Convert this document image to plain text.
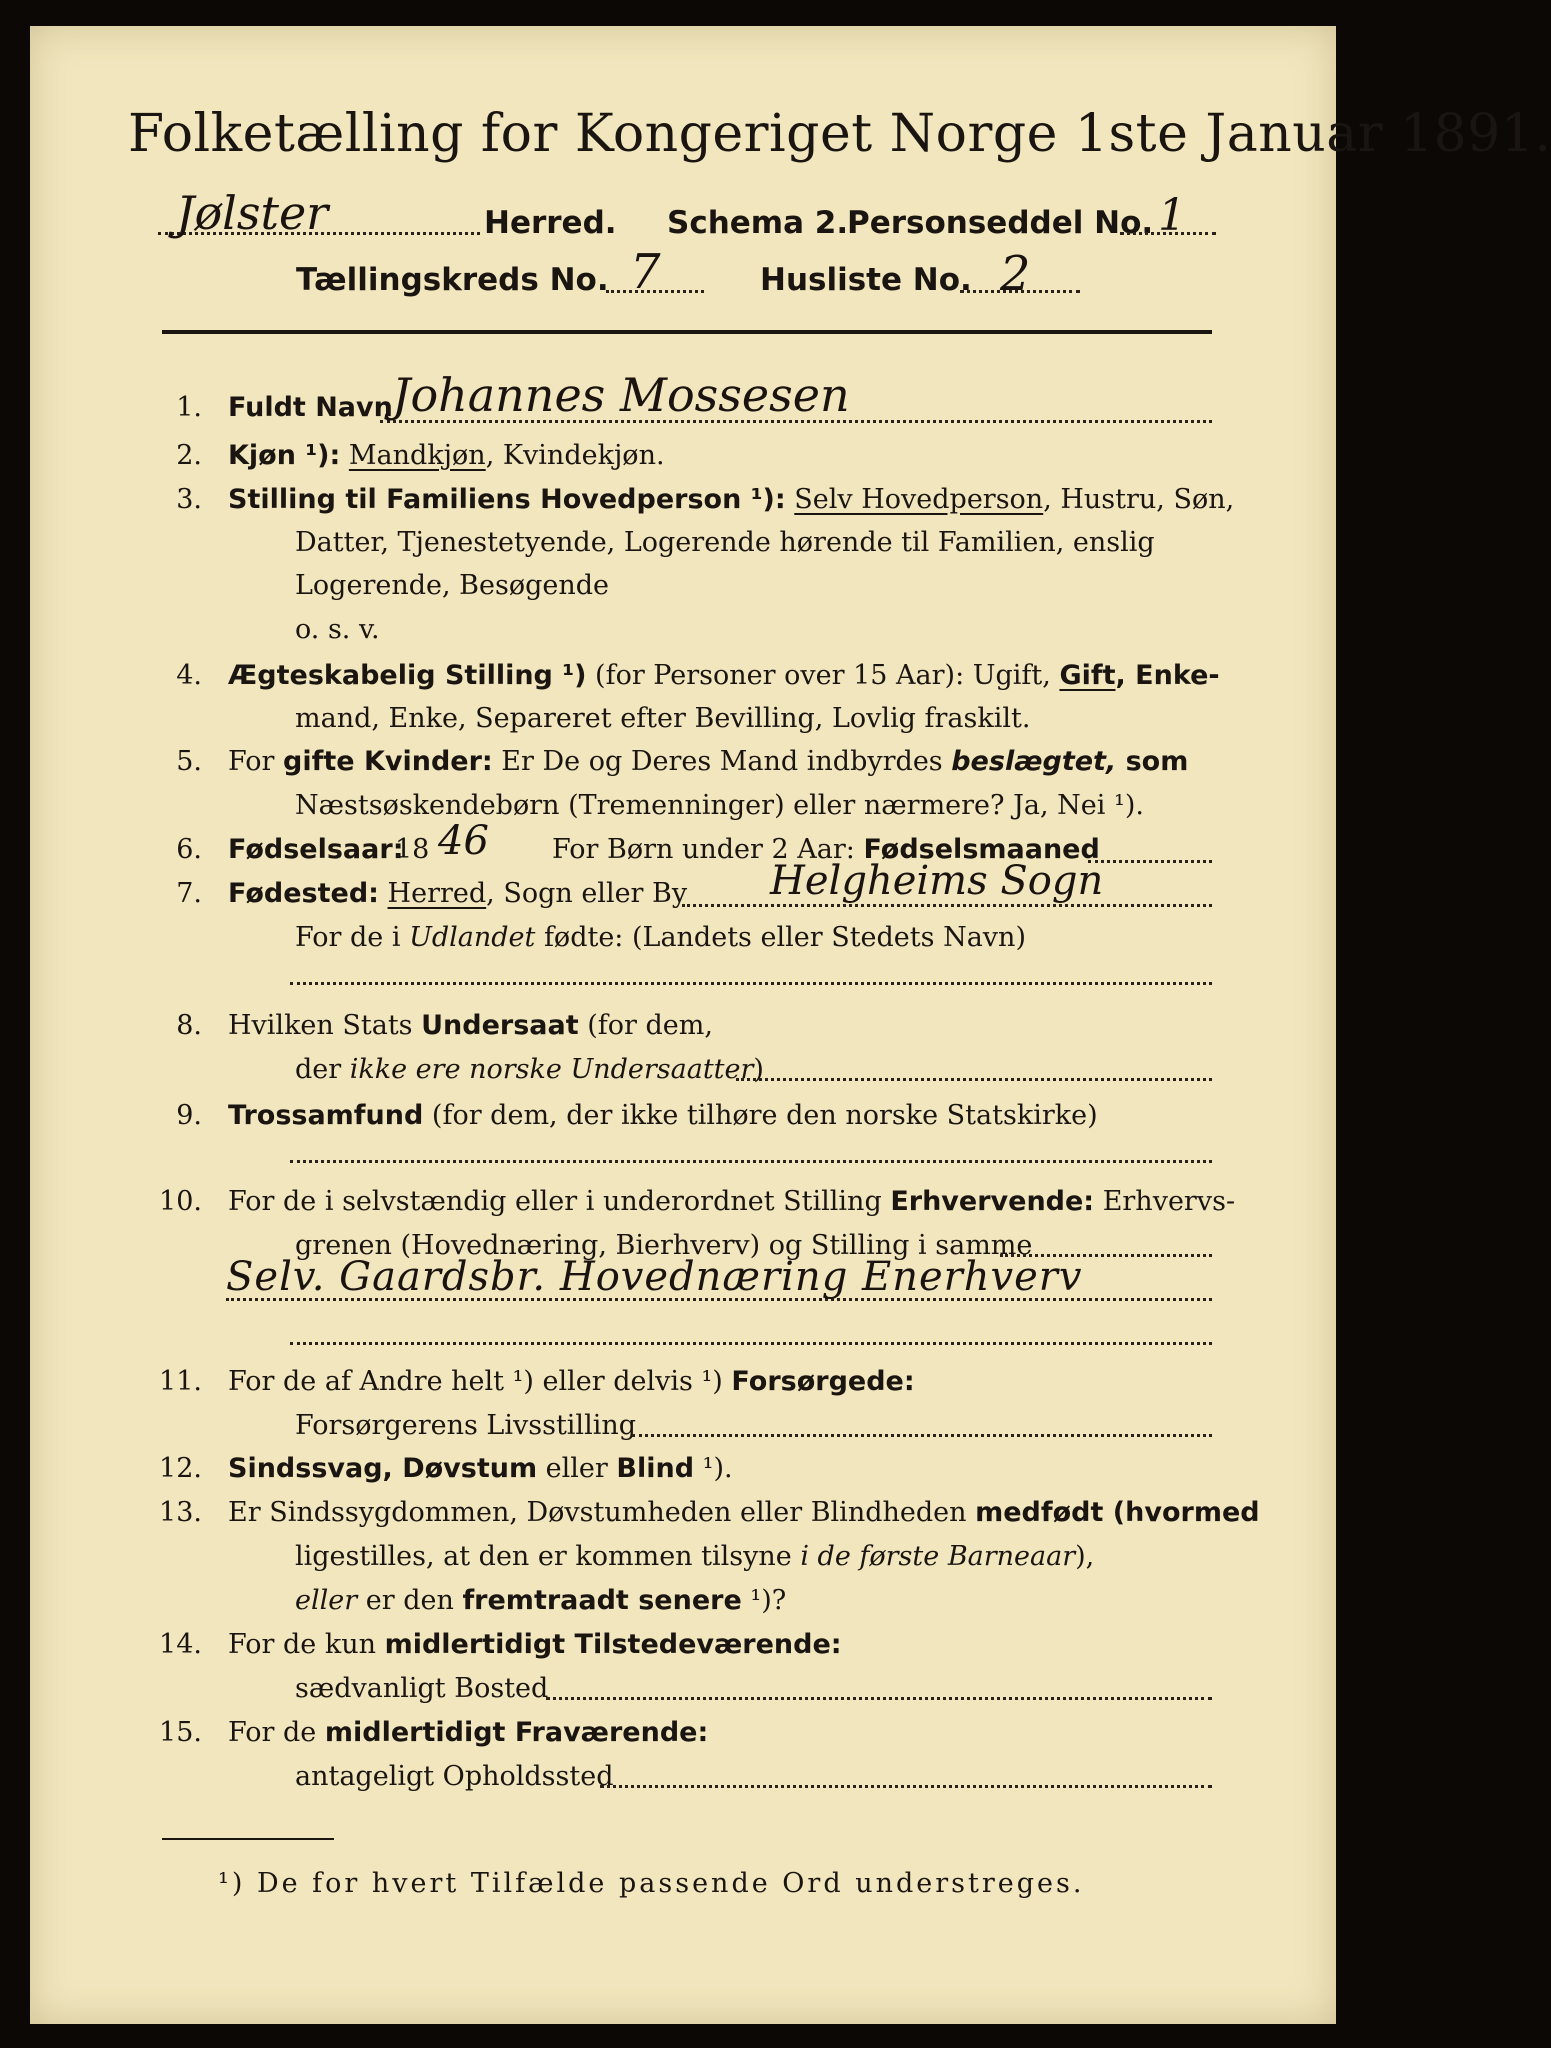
Folketælling for Kongeriget Norge 1ste Januar 1891.
Jølster	Herred. Schema 2.
Personseddel No. 1
Tællingskreds No. 7	Husliste No. 2
1. Fuldt Navn Johannes Mossesen
2. Kjøn ¹): Mandkjøn, Kvindekjøn.
3. Stilling til Familiens Hovedperson ¹): Selv Hovedperson, Hustru, Søn,
Datter, Tjenestetyende, Logerende hørende til Familien, enslig
Logerende, Besøgende
o. s. v.
4. Ægteskabelig Stilling ¹) (for Personer over 15 Aar): Ugift, Gift, Enke-
mand, Enke, Separeret efter Bevilling, Lovlig fraskilt.
5. For gifte Kvinder: Er De og Deres Mand indbyrdes beslægtet, som
Næstsøskendebørn (Tremenninger) eller nærmere? Ja, Nei ¹).
6. Fødselsaar:
18 46 For Børn under 2 Aar: Fødselsmaaned
7. Fødested: Herred, Sogn eller By Helgheims Sogn
For de i Udlandet fødte: (Landets eller Stedets Navn)
8. Hvilken Stats Undersaat (for dem,
der ikke ere norske Undersaatter)
9. Trossamfund (for dem, der ikke tilhøre den norske Statskirke)
10. For de i selvstændig eller i underordnet Stilling Erhvervende: Erhvervs-
grenen (Hovednæring, Bierhverv) og Stilling i samme
Selv. Gaardsbr. Hovednæring Enerhverv
11. For de af Andre helt ¹) eller delvis ¹) Forsørgede:
Forsørgerens Livsstilling
12. Sindssvag, Døvstum eller Blind ¹).
13. Er Sindssygdommen, Døvstumheden eller Blindheden medfødt (hvormed
ligestilles, at den er kommen tilsyne i de første Barneaar),
eller er den fremtraadt senere ¹)?
14. For de kun midlertidigt Tilstedeværende:
sædvanligt Bosted
15. For de midlertidigt Fraværende:
antageligt Opholdssted
¹) De for hvert Tilfælde passende Ord understreges.
